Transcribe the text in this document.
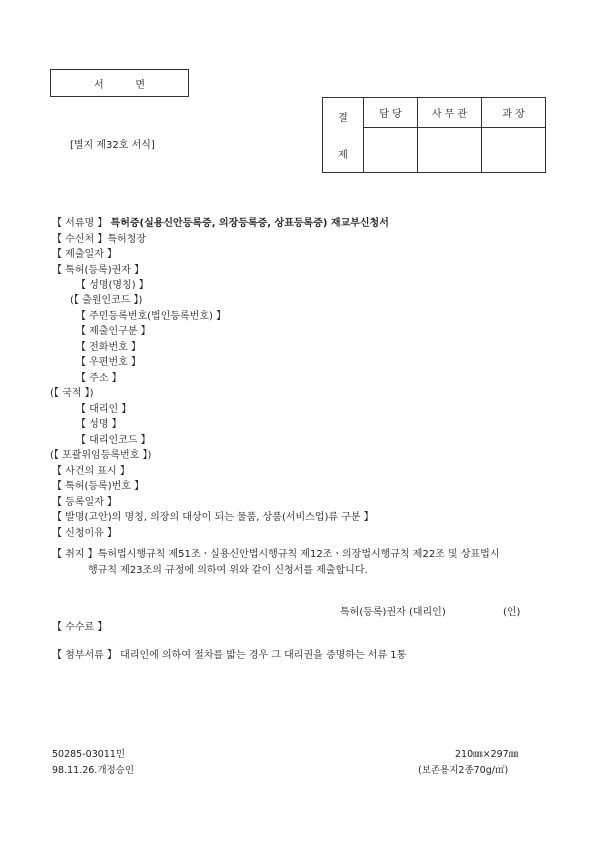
서          면
[별지 제32호 서식]
결
제	담 당	사 무 관	과 장

【 서류명 】 특허증(실용신안등록증, 의장등록증, 상표등록증) 재교부신청서
【 수신처 】특허청장
【 제출일자 】
【 특허(등록)권자 】
【 성명(명칭) 】
(【 출원인코드 】)
【 주민등록번호(법인등록번호) 】
【 제출인구분 】
【 전화번호 】
【 우편번호 】
【 주소 】
(【 국적 】)
【 대리인 】
【 성명 】
【 대리인코드 】
(【 포괄위임등록번호 】)
【 사건의 표시 】
【 특허(등록)번호 】
【 등록일자 】
【 발명(고안)의 명칭, 의장의 대상이 되는 물품, 상품(서비스업)류 구분 】
【 신청이유 】
【 취지 】특허법시행규칙 제51조ㆍ실용신안법시행규칙 제12조ㆍ의장법시행규칙 제22조 및 상표법시
행규칙 제23조의 규정에 의하여 위와 같이 신청서를 제출합니다.
특허(등록)권자 (대리인)	(인)
【 수수료 】
【 첨부서류 】 대리인에 의하여 절차를 밟는 경우 그 대리권을 증명하는 서류 1통
50285-03011민
98.11.26.개정승인
210㎜×297㎜
(보존용지2종70g/㎡)
